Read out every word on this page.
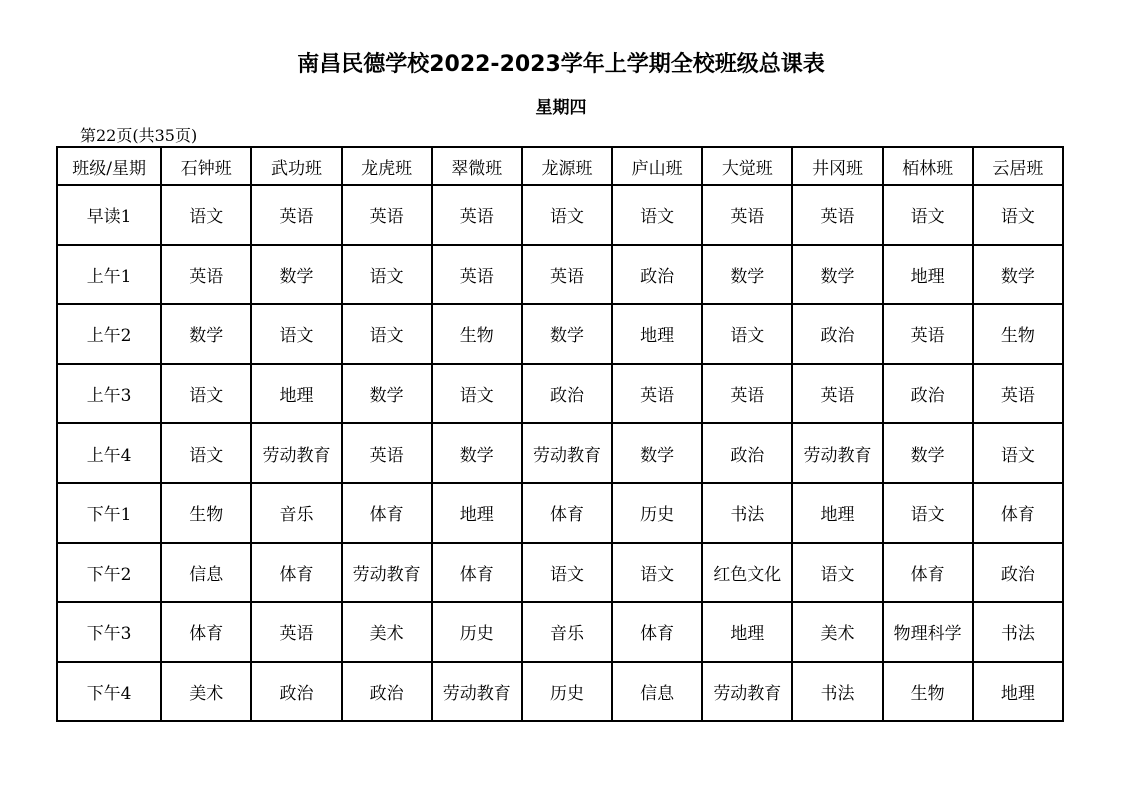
南昌民德学校2022-2023学年上学期全校班级总课表
星期四
第22页(共35页)
班级/星期	石钟班	武功班	龙虎班	翠微班	龙源班	庐山班	大觉班	井冈班	栢林班	云居班
早读1	语文	英语	英语	英语	语文	语文	英语	英语	语文	语文
上午1	英语	数学	语文	英语	英语	政治	数学	数学	地理	数学
上午2	数学	语文	语文	生物	数学	地理	语文	政治	英语	生物
上午3	语文	地理	数学	语文	政治	英语	英语	英语	政治	英语
上午4	语文	劳动教育	英语	数学	劳动教育	数学	政治	劳动教育	数学	语文
下午1	生物	音乐	体育	地理	体育	历史	书法	地理	语文	体育
下午2	信息	体育	劳动教育	体育	语文	语文	红色文化	语文	体育	政治
下午3	体育	英语	美术	历史	音乐	体育	地理	美术	物理科学	书法
下午4	美术	政治	政治	劳动教育	历史	信息	劳动教育	书法	生物	地理
